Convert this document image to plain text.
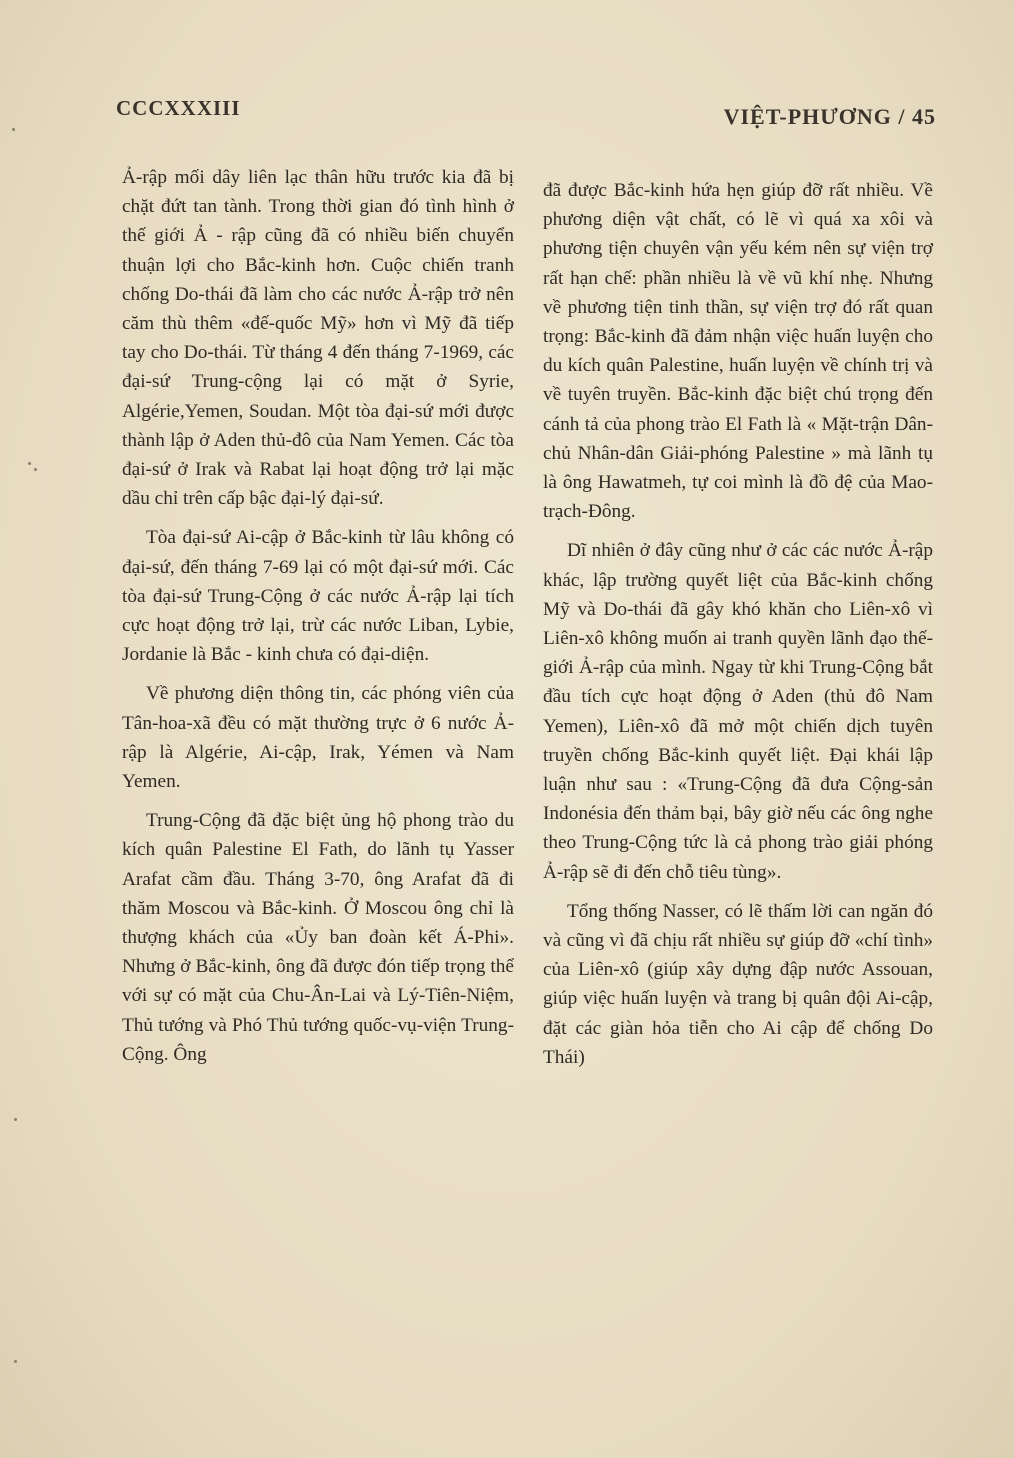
CCCXXXIII	VIỆT-PHƯƠNG / 45

Ả-rập mối dây liên lạc thân hữu trước kia đã bị chặt đứt tan tành. Trong thời gian đó tình hình ở thế giới Ả - rập cũng đã có nhiều biến chuyển thuận lợi cho Bắc-kinh hơn. Cuộc chiến tranh chống Do-thái đã làm cho các nước Ả-rập trở nên căm thù thêm «đế-quốc Mỹ» hơn vì Mỹ đã tiếp tay cho Do-thái. Từ tháng 4 đến tháng 7-1969, các đại-sứ Trung-cộng lại có mặt ở Syrie, Algérie,Yemen, Soudan. Một tòa đại-sứ mới được thành lập ở Aden thủ-đô của Nam Yemen. Các tòa đại-sứ ở Irak và Rabat lại hoạt động trở lại mặc dầu chỉ trên cấp bậc đại-lý đại-sứ.

Tòa đại-sứ Ai-cập ở Bắc-kinh từ lâu không có đại-sứ, đến tháng 7-69 lại có một đại-sứ mới. Các tòa đại-sứ Trung-Cộng ở các nước Ả-rập lại tích cực hoạt động trở lại, trừ các nước Liban, Lybie, Jordanie là Bắc - kinh chưa có đại-diện.

Về phương diện thông tin, các phóng viên của Tân-hoa-xã đều có mặt thường trực ở 6 nước Ả-rập là Algérie, Ai-cập, Irak, Yémen và Nam Yemen.

Trung-Cộng đã đặc biệt ủng hộ phong trào du kích quân Palestine El Fath, do lãnh tụ Yasser Arafat cầm đầu. Tháng 3-70, ông Arafat đã đi thăm Moscou và Bắc-kinh. Ở Moscou ông chỉ là thượng khách của «Ủy ban đoàn kết Á-Phi». Nhưng ở Bắc-kinh, ông đã được đón tiếp trọng thể với sự có mặt của Chu-Ân-Lai và Lý-Tiên-Niệm, Thủ tướng và Phó Thủ tướng quốc-vụ-viện Trung-Cộng. Ông

đã được Bắc-kinh hứa hẹn giúp đỡ rất nhiều. Về phương diện vật chất, có lẽ vì quá xa xôi và phương tiện chuyên vận yếu kém nên sự viện trợ rất hạn chế: phần nhiều là về vũ khí nhẹ. Nhưng về phương tiện tinh thần, sự viện trợ đó rất quan trọng: Bắc-kinh đã đảm nhận việc huấn luyện cho du kích quân Palestine, huấn luyện về chính trị và về tuyên truyền. Bắc-kinh đặc biệt chú trọng đến cánh tả của phong trào El Fath là « Mặt-trận Dân-chủ Nhân-dân Giải-phóng Palestine » mà lãnh tụ là ông Hawatmeh, tự coi mình là đồ đệ của Mao-trạch-Đông.

Dĩ nhiên ở đây cũng như ở các các nước Ả-rập khác, lập trường quyết liệt của Bắc-kinh chống Mỹ và Do-thái đã gây khó khăn cho Liên-xô vì Liên-xô không muốn ai tranh quyền lãnh đạo thế-giới Ả-rập của mình. Ngay từ khi Trung-Cộng bắt đầu tích cực hoạt động ở Aden (thủ đô Nam Yemen), Liên-xô đã mở một chiến dịch tuyên truyền chống Bắc-kinh quyết liệt. Đại khái lập luận như sau : «Trung-Cộng đã đưa Cộng-sản Indonésia đến thảm bại, bây giờ nếu các ông nghe theo Trung-Cộng tức là cả phong trào giải phóng Ả-rập sẽ đi đến chỗ tiêu tùng».

Tổng thống Nasser, có lẽ thấm lời can ngăn đó và cũng vì đã chịu rất nhiều sự giúp đỡ «chí tình» của Liên-xô (giúp xây dựng đập nước Assouan, giúp việc huấn luyện và trang bị quân đội Ai-cập, đặt các giàn hỏa tiễn cho Ai cập để chống Do Thái)
